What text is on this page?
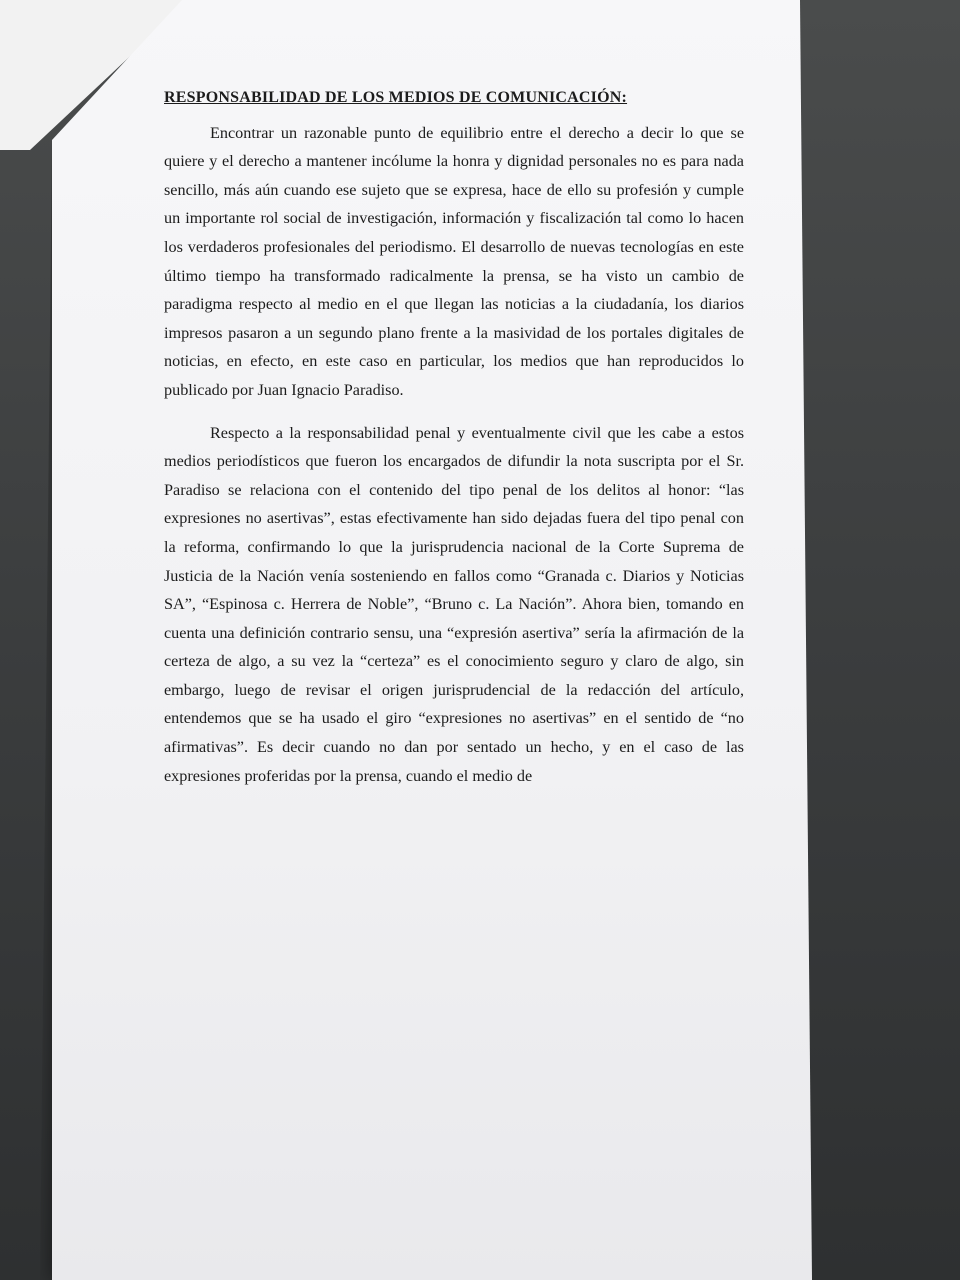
RESPONSABILIDAD DE LOS MEDIOS DE COMUNICACIÓN:

Encontrar un razonable punto de equilibrio entre el derecho a decir lo que se quiere y el derecho a mantener incólume la honra y dignidad personales no es para nada sencillo, más aún cuando ese sujeto que se expresa, hace de ello su profesión y cumple un importante rol social de investigación, información y fiscalización tal como lo hacen los verdaderos profesionales del periodismo. El desarrollo de nuevas tecnologías en este último tiempo ha transformado radicalmente la prensa, se ha visto un cambio de paradigma respecto al medio en el que llegan las noticias a la ciudadanía, los diarios impresos pasaron a un segundo plano frente a la masividad de los portales digitales de noticias, en efecto, en este caso en particular, los medios que han reproducidos lo publicado por Juan Ignacio Paradiso.

Respecto a la responsabilidad penal y eventualmente civil que les cabe a estos medios periodísticos que fueron los encargados de difundir la nota suscripta por el Sr. Paradiso se relaciona con el contenido del tipo penal de los delitos al honor: “las expresiones no asertivas”, estas efectivamente han sido dejadas fuera del tipo penal con la reforma, confirmando lo que la jurisprudencia nacional de la Corte Suprema de Justicia de la Nación venía sosteniendo en fallos como “Granada c. Diarios y Noticias SA”, “Espinosa c. Herrera de Noble”, “Bruno c. La Nación”. Ahora bien, tomando en cuenta una definición contrario sensu, una “expresión asertiva” sería la afirmación de la certeza de algo, a su vez la “certeza” es el conocimiento seguro y claro de algo, sin embargo, luego de revisar el origen jurisprudencial de la redacción del artículo, entendemos que se ha usado el giro “expresiones no asertivas” en el sentido de “no afirmativas”. Es decir cuando no dan por sentado un hecho, y en el caso de las expresiones proferidas por la prensa, cuando el medio de
